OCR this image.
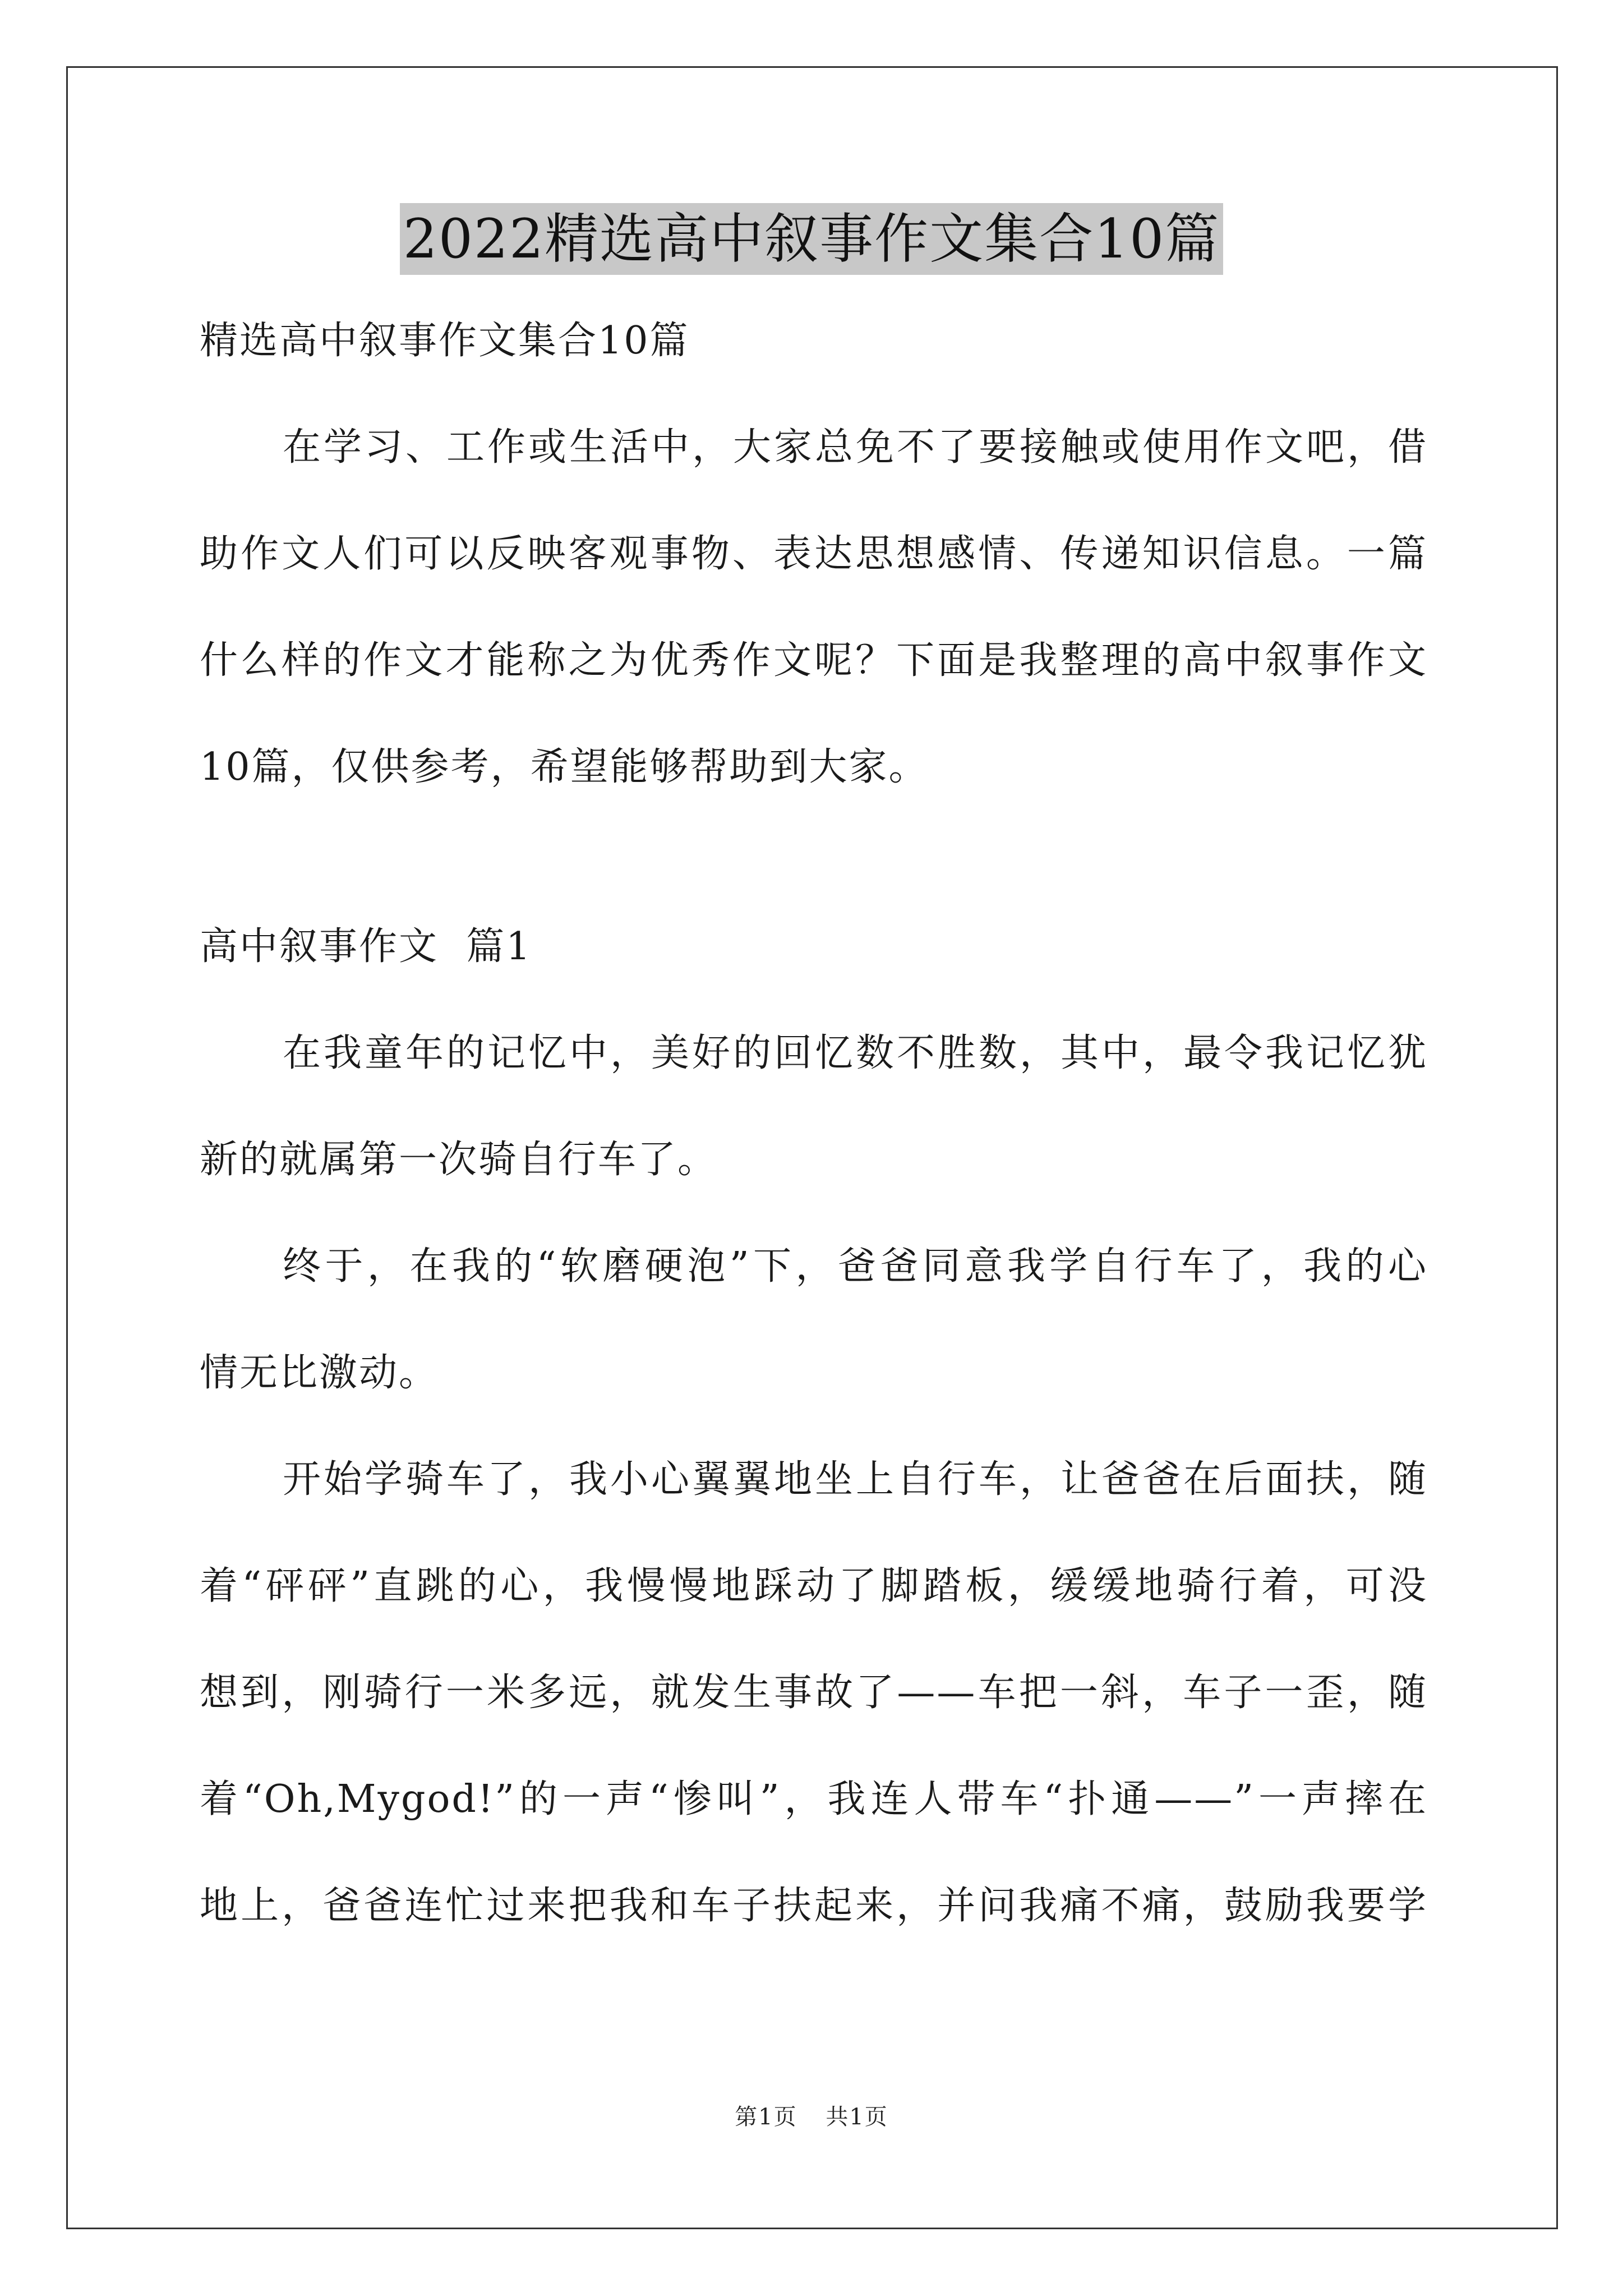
2022精选高中叙事作文集合10篇
精选高中叙事作文集合10篇
在学习、工作或生活中，大家总免不了要接触或使用作文吧，借
助作文人们可以反映客观事物、表达思想感情、传递知识信息。一篇
什么样的作文才能称之为优秀作文呢？下面是我整理的高中叙事作文
10篇，仅供参考，希望能够帮助到大家。
高中叙事作文  篇1
在我童年的记忆中，美好的回忆数不胜数，其中，最令我记忆犹
新的就属第一次骑自行车了。
终于，在我的“软磨硬泡”下，爸爸同意我学自行车了，我的心
情无比激动。
开始学骑车了，我小心翼翼地坐上自行车，让爸爸在后面扶，随
着“砰砰”直跳的心，我慢慢地踩动了脚踏板，缓缓地骑行着，可没
想到，刚骑行一米多远，就发生事故了——车把一斜，车子一歪，随
着“Oh,Mygod!”的一声“惨叫”，我连人带车“扑通——”一声摔在
地上，爸爸连忙过来把我和车子扶起来，并问我痛不痛，鼓励我要学
第1页 共1页
